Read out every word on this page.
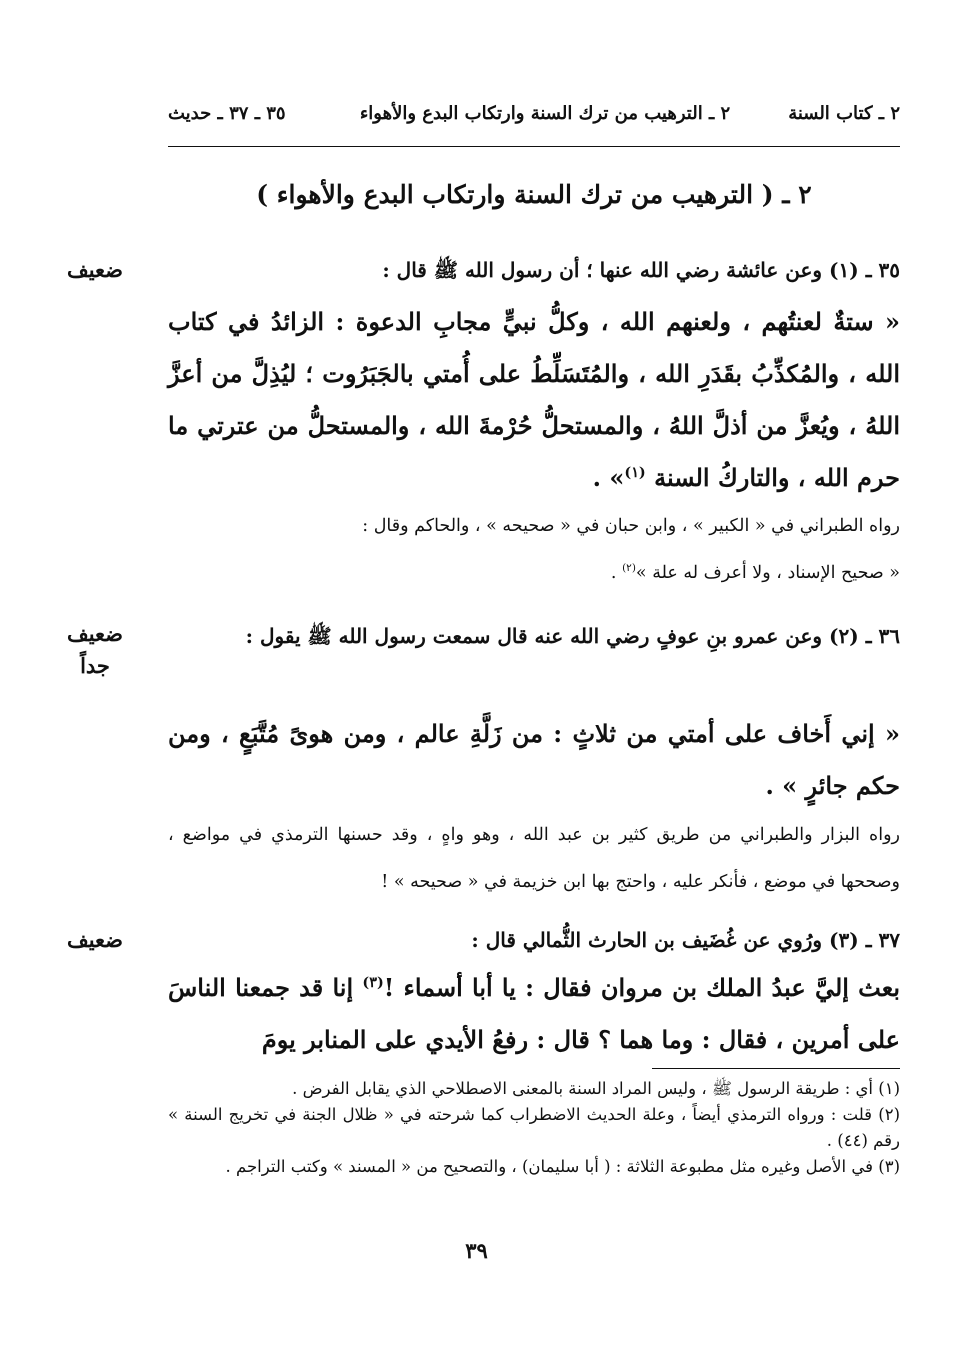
٢ ـ كتاب السنة
٢ ـ الترهيب من ترك السنة وارتكاب البدع والأهواء
٣٥ ـ ٣٧ ـ حديث
٢ ـ ( الترهيب من ترك السنة وارتكاب البدع والأهواء )
ضعيف	٣٥ ـ (١) وعن عائشة رضي الله عنها ؛ أن رسول الله ﷺ قال :
« ستةٌ لعنتُهم ، ولعنهم الله ، وكلُّ نبيٍّ مجابِ الدعوة : الزائدُ في كتاب الله ، والمُكذِّبُ بقَدَرِ الله ، والمُتَسَلِّطُ على أُمتي بالجَبَرُوت ؛ ليُذِلَّ من أعزَّ اللهُ ، ويُعزَّ من أذلَّ اللهُ ، والمستحلُّ حُرْمةَ الله ، والمستحلُّ من عترتي ما حرم الله ، والتاركُ السنة $^{(١)}$» .
رواه الطبراني في « الكبير » ، وابن حبان في « صحيحه » ، والحاكم وقال :
« صحيح الإسناد ، ولا أعرف له علة »$^{(٢)}$ .
ضعيف
جداً
٣٦ ـ (٢) وعن عمرو بنِ عوفٍ رضي الله عنه قال سمعت رسول الله ﷺ يقول :
« إني أَخاف على أمتي من ثلاثٍ : من زَلَّةِ عالم ، ومن هوىً مُتَّبَعٍ ، ومن حكم جائرٍ » .
رواه البزار والطبراني من طريق كثير بن عبد الله ، وهو واهٍ ، وقد حسنها الترمذي في مواضع ، وصححها في موضع ، فأنكر عليه ، واحتج بها ابن خزيمة في « صحيحه » !
ضعيف	٣٧ ـ (٣) ورُوي عن غُضَيف بن الحارث الثُّمالي قال :
بعث إليَّ عبدُ الملك بن مروان فقال : يا أبا أسماء !$^{(٣)}$ إنا قد جمعنا الناسَ على أمرين ، فقال : وما هما ؟ قال : رفعُ الأيدي على المنابر يومَ

(١) أي : طريقة الرسول ﷺ ، وليس المراد السنة بالمعنى الاصطلاحي الذي يقابل الفرض .

(٢) قلت : ورواه الترمذي أيضاً ، وعلة الحديث الاضطراب كما شرحته في « ظلال الجنة في تخريج السنة » رقم (٤٤) .

(٣) في الأصل وغيره مثل مطبوعة الثلاثة : ( أبا سليمان) ، والتصحيح من « المسند » وكتب التراجم .

٣٩
